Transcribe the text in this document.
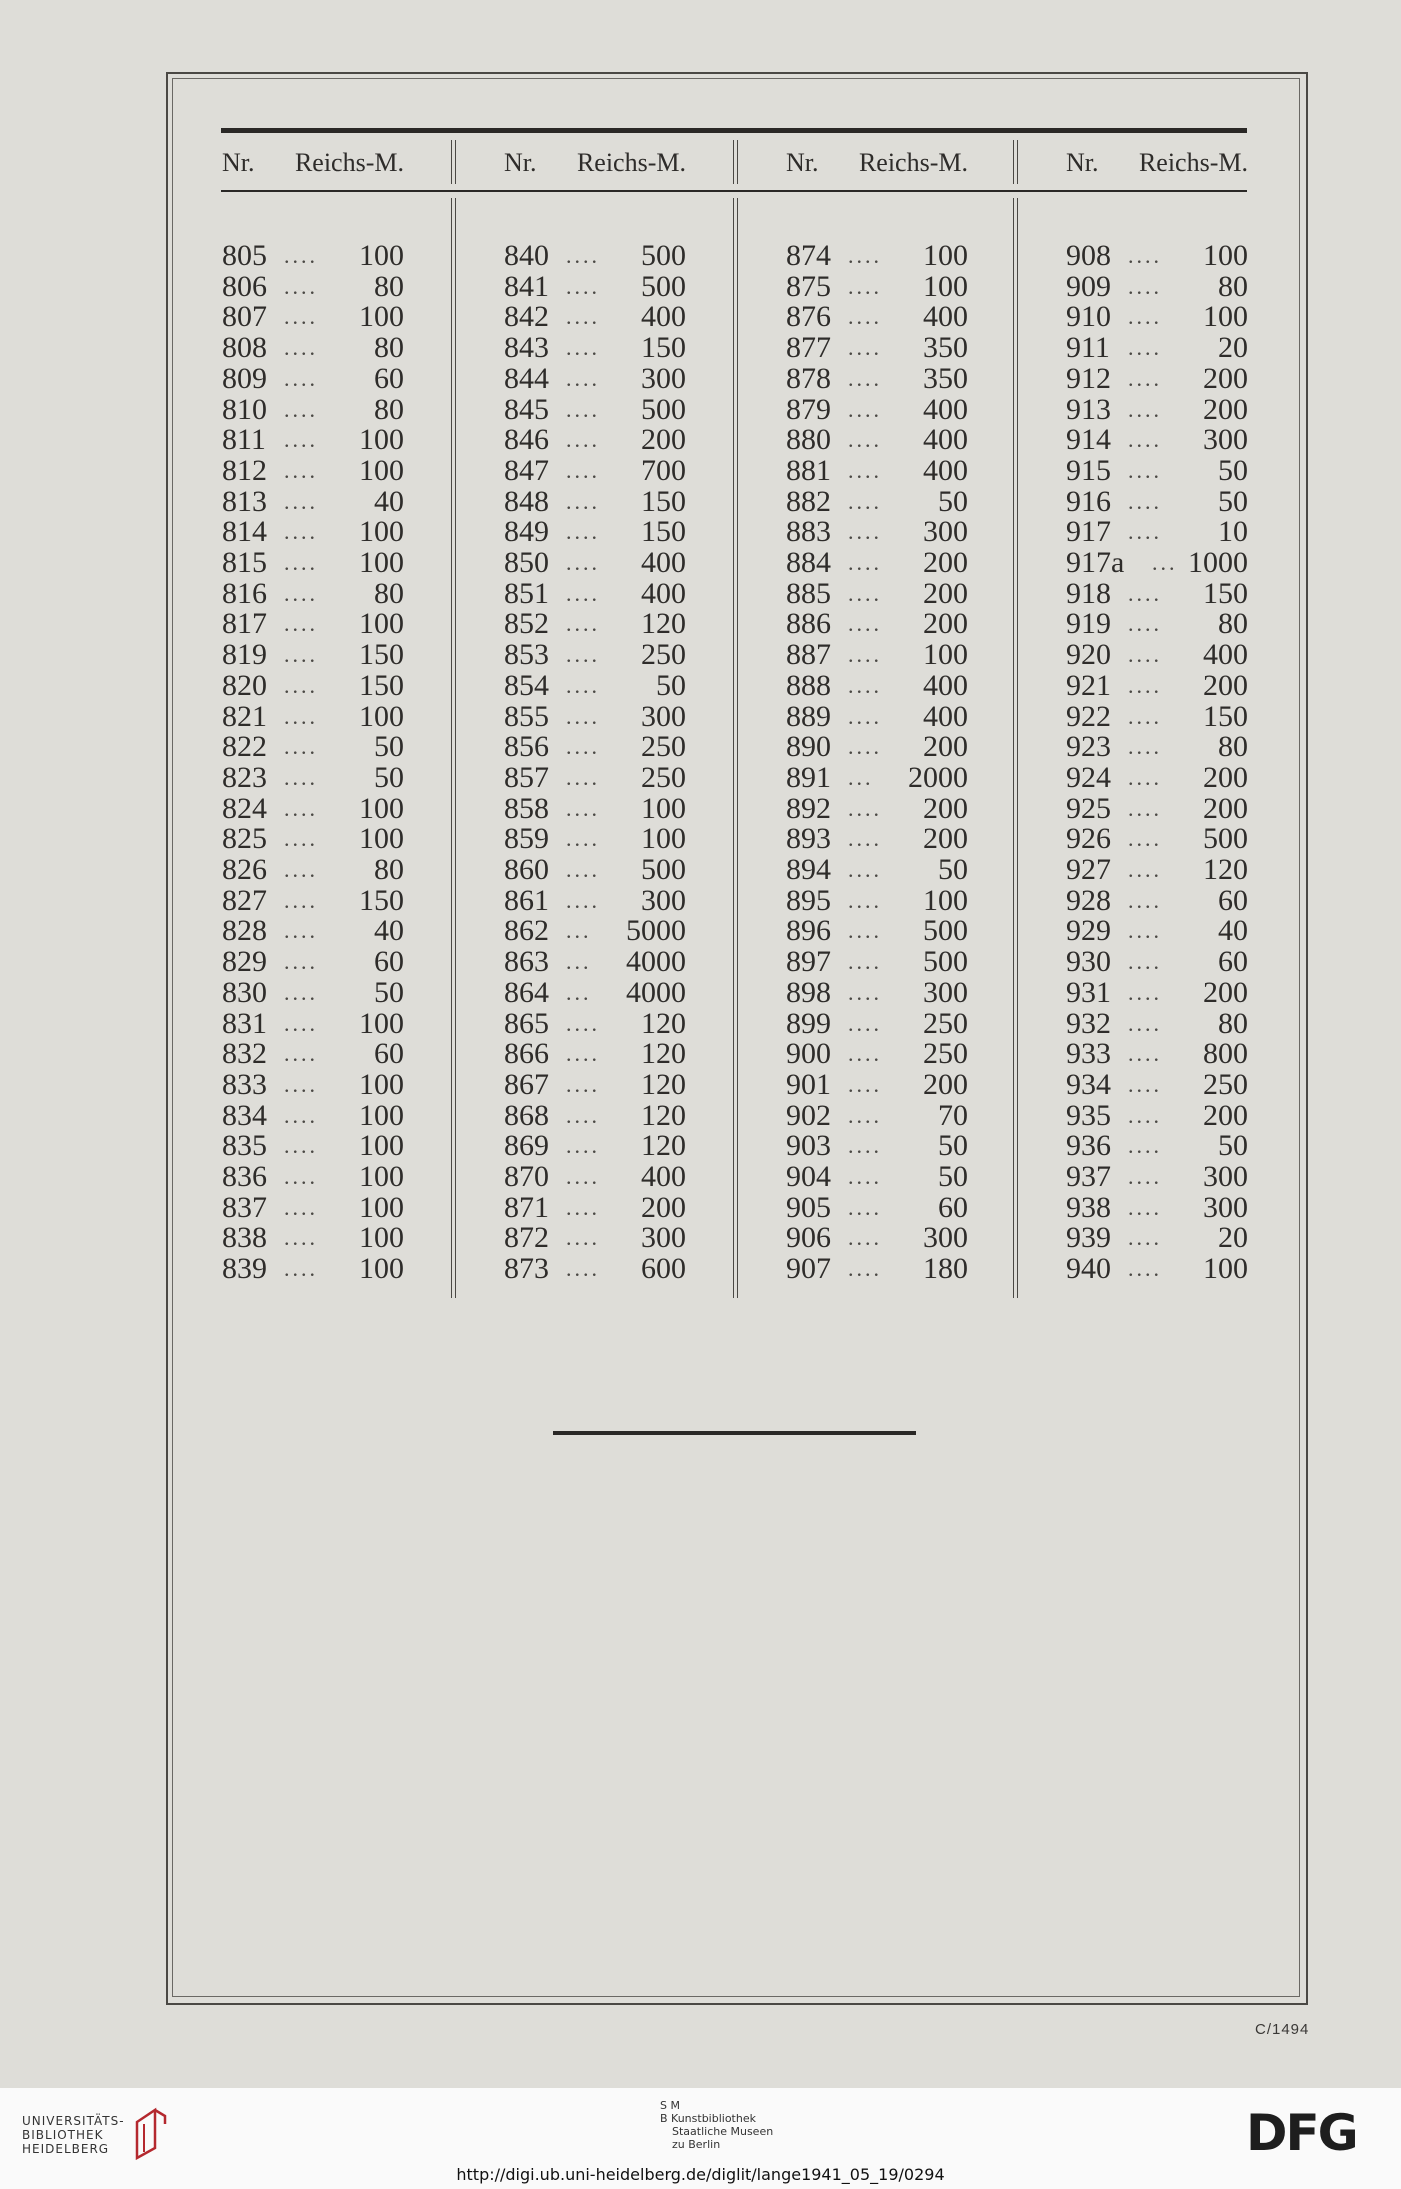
Nr. Reichs-M.
805 .... 100
806 .... 80
807 .... 100
808 .... 80
809 .... 60
810 .... 80
811 .... 100
812 .... 100
813 .... 40
814 .... 100
815 .... 100
816 .... 80
817 .... 100
819 .... 150
820 .... 150
821 .... 100
822 .... 50
823 .... 50
824 .... 100
825 .... 100
826 .... 80
827 .... 150
828 .... 40
829 .... 60
830 .... 50
831 .... 100
832 .... 60
833 .... 100
834 .... 100
835 .... 100
836 .... 100
837 .... 100
838 .... 100
839 .... 100
Nr. Reichs-M.
840 .... 500
841 .... 500
842 .... 400
843 .... 150
844 .... 300
845 .... 500
846 .... 200
847 .... 700
848 .... 150
849 .... 150
850 .... 400
851 .... 400
852 .... 120
853 .... 250
854 .... 50
855 .... 300
856 .... 250
857 .... 250
858 .... 100
859 .... 100
860 .... 500
861 .... 300
862 ... 5000
863 ... 4000
864 ... 4000
865 .... 120
866 .... 120
867 .... 120
868 .... 120
869 .... 120
870 .... 400
871 .... 200
872 .... 300
873 .... 600
Nr. Reichs-M.
874 .... 100
875 .... 100
876 .... 400
877 .... 350
878 .... 350
879 .... 400
880 .... 400
881 .... 400
882 .... 50
883 .... 300
884 .... 200
885 .... 200
886 .... 200
887 .... 100
888 .... 400
889 .... 400
890 .... 200
891 ... 2000
892 .... 200
893 .... 200
894 .... 50
895 .... 100
896 .... 500
897 .... 500
898 .... 300
899 .... 250
900 .... 250
901 .... 200
902 .... 70
903 .... 50
904 .... 50
905 .... 60
906 .... 300
907 .... 180
Nr. Reichs-M.
908 .... 100
909 .... 80
910 .... 100
911 .... 20
912 .... 200
913 .... 200
914 .... 300
915 .... 50
916 .... 50
917 .... 10
917a ... 1000
918 .... 150
919 .... 80
920 .... 400
921 .... 200
922 .... 150
923 .... 80
924 .... 200
925 .... 200
926 .... 500
927 .... 120
928 .... 60
929 .... 40
930 .... 60
931 .... 200
932 .... 80
933 .... 800
934 .... 250
935 .... 200
936 .... 50
937 .... 300
938 .... 300
939 .... 20
940 .... 100
C/1494
UNIVERSITÄTS-
BIBLIOTHEK
HEIDELBERG
S M
B Kunstbibliothek
Staatliche Museen
zu Berlin	DFG
http://digi.ub.uni-heidelberg.de/diglit/lange1941_05_19/0294
